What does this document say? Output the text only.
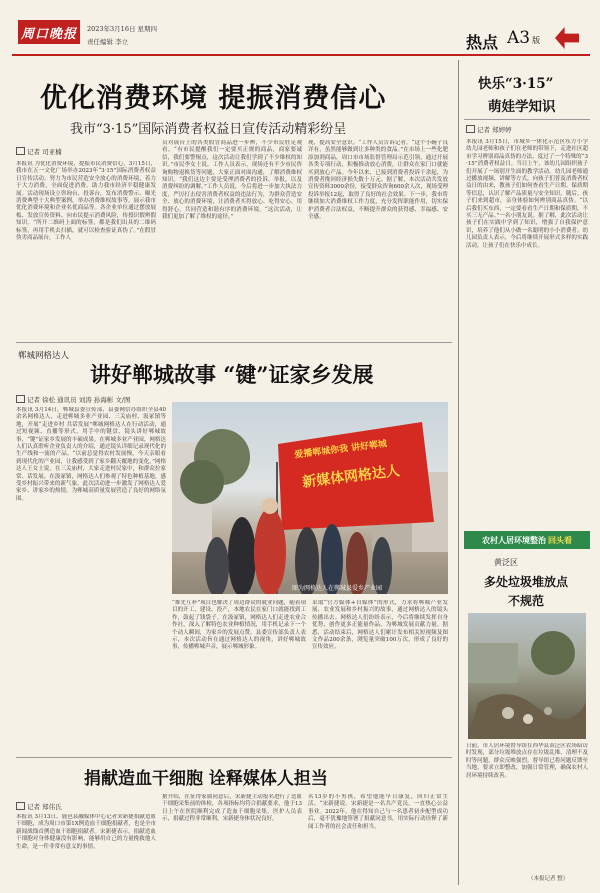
周口晚报 2023年3月16日 星期四
责任编辑 李立	热点 A3 版
优化消费环境 提振消费信心
我市“3·15”国际消费者权益日宣传活动精彩纷呈
记者 司亚楠
本报讯 为优化消费环境，提振市民消费信心，3月15日，我市在五一文化广场举办2023年“3·15”国际消费者权益日宣传活动。努力为市民营造安全放心的消费环境，着力于大力消费，全面促进消费，助力我市经济平稳健康发展。活动现场设立咨询台、投诉台，发布消费警示、曝光消费典型十大典型案例，举办消费维权故事等，展示我市优化消费环境和企业名优商品等。各企业单位通过摆放展板、发放宣传资料、向市民提示消费风险，传授识假辨假知识。“所开二维码上面的标签，都是我们出具的二维码标签，再用手机去扫描，就可以检查验证真伪了。”在假冒伪劣商品展台，工作人
员对展台上的各类假冒商品进一步辨，不少市民驻足观看。“有市民提醒我们一定要买正规的商品，商家要诚信，我们要警惕点，这次活动让我们学到了不少维权的知识。”市民李女士说。工作人员表示，现场还有不少市民咨询购物退换货等问题，大家正面对面沟通，了解消费维权知识。“我们这边主要是受理消费者的投诉、举报，以及消费纠纷的调解。”工作人员说，今后将进一步加大执法力度，严厉打击侵害消费者权益的违法行为，为群众营造安全、放心的消费环境，让消费者买得放心、吃得安心、用得舒心，共同营造和谐有序的消费环境。“这次活动，让我们更加了解了维权的途径。”
现，提高安全意识。“工作人员告诉记者，“这个小碗子良详有，虽然能够做到让多种类的食品。”在市场上一些化肥添加剂商品，周口市市场监督管理局示范引领，通过开展各类专项行动，积极推动放心消费，让群众在家门口就能买到放心产品。今年以来，已接到消费者投诉千余起，为消费者挽回经济损失数十万元。据了解，本次活动共发放宣传资料3000余份，接受群众咨询600余人次，现场受理投诉举报12起，取得了良好的社会效果。下一步，我市将继续加大消费维权工作力度，充分发挥职能作用，切实保护消费者合法权益，不断提升群众的获得感、幸福感、安全感。
郸城网格达人
讲好郸城故事 “键”证家乡发展
记者 徐松 通讯员 刘涛 孙海彬 文/图
本报讯 3月14日，郸城县委宣传部、县委网信办组织全县40余名网格达人，走进郸城多业产业园、三关庙村、汲冢镇等地，开展“走进乡村 共话发展”郸城网格达人在行动活动，通过短视频、直播等形式，用手中的键盘、镜头讲好郸城故事，“键”证家乡发展的丰硕成果。在郸城多业产业园，网格达人们认真聆听企业负责人的介绍，通过镜头详细记录现代化的生产线和一流的产品。“以前总觉得农村发展慢，今天亲眼看到现代化的产业园，让我感受到了家乡翻天覆地的变化。”网格达人王女士说。在三关庙村，大家走进村民家中，和群众拉家常、话发展。在汲冢镇，网格达人们参观了特色种植基地，感受乡村振兴带来的新气象。此次活动进一步激发了网格达人爱家乡、讲家乡的热情，为郸城高质量发展营造了良好的网络氛围。
爱播郸城你我 讲好郸城
新媒体网格达人
图为网格达人在郸城县爱乡产业园
“推先互补”项目也解决了周边群众的就业问题，随着项目的开工，建设、投产，本地农民在家门口就能找到工作，鼓起了钱袋子。在汲冢镇，网格达人们走进农业合作社，深入了解特色农业种植情况，用手机记录下一个个动人瞬间，为家乡的发展点赞。县委宣传部负责人表示，本次活动旨在通过网格达人的视角，讲好郸城故事，传播郸城声音，展示郸城形象。
采取“官方媒体+自媒体”的形式，力求将郸城产业发展、农业发展和乡村振兴的故事，通过网格达人的镜头传播出去。网格达人们纷纷表示，今后将继续发挥自身优势，创作更多正能量作品，为郸城发展贡献力量。据悉，活动结束后，网格达人们累计发布相关短视频及图文作品200余条，浏览量突破100万次，形成了良好的宣传效应。
捐献造血干细胞 诠释媒体人担当
记者 郑伟氏
本报讯 3月13日，鹿邑县融媒体中心记者宋新捷捐献造血干细胞，成为周口市第1X例造血干细胞捐献者，也是全市新闻战线首例造血干细胞捐献者。宋新捷表示，捐献造血干细胞对身体健康没有影响，能够用自己的力量挽救他人生命，是一件非常有意义的事情。
据介绍，在征得家属同意后，宋新捷主动报名进行了造血干细胞采集前的体检，各项指标均符合捐献要求，他于13日上午在医院顺利完成了造血干细胞采集。医护人员表示，捐献过程非常顺利，宋新捷身体状况良好。
名13岁的小男孩，希望他能早日康复，回归正常生活。“宋新捷说。宋新捷是一名共产党员，一直热心公益事业。2022年，他在得知自己与一名患者初步配型成功后，毫不犹豫地签署了捐献同意书，用实际行动诠释了新闻工作者的社会责任和担当。
快乐“3·15”
萌娃学知识
记者 郑婷婷
本报讯 3月15日，市城乡一体化示范区东方小学幼儿园老师和孩子们在老师的带领下，走进社区超市学习辨别商品真伪的方法，度过了一个特殊的“3·15”消费者权益日。当日上午，该幼儿园组织孩子们开展了一场别开生面的教学活动。幼儿园老师通过播放视频、讲解等方式，向孩子们普及消费者权益日的由来，教孩子们如何查看生产日期、保质期等信息，认识了解产品质量与安全知识。随后，孩子们来到超市，亲身体验如何辨别商品真伪。“以后我们买东西，一定要看看生产日期和保质期，不买三无产品。”一名小朋友说。据了解，此次活动让孩子们在实践中学到了知识，增强了自我保护意识，培养了他们从小做一名聪明的小小消费者。幼儿园负责人表示，今后将继续开展形式多样的实践活动，让孩子们在快乐中成长。
农村人居环境整治 回头看
黄泛区
多处垃圾堆放点
不规范
日前，市人居环境督导组在西华县黄泛区农场暗访时发现，部分垃圾堆放点存在垃圾乱堆、清理不及时等问题，群众反映强烈。督导组已将问题反馈至当地，要求立即整改，加强日常管理，确保农村人居环境持续改善。
（本报记者 整）
